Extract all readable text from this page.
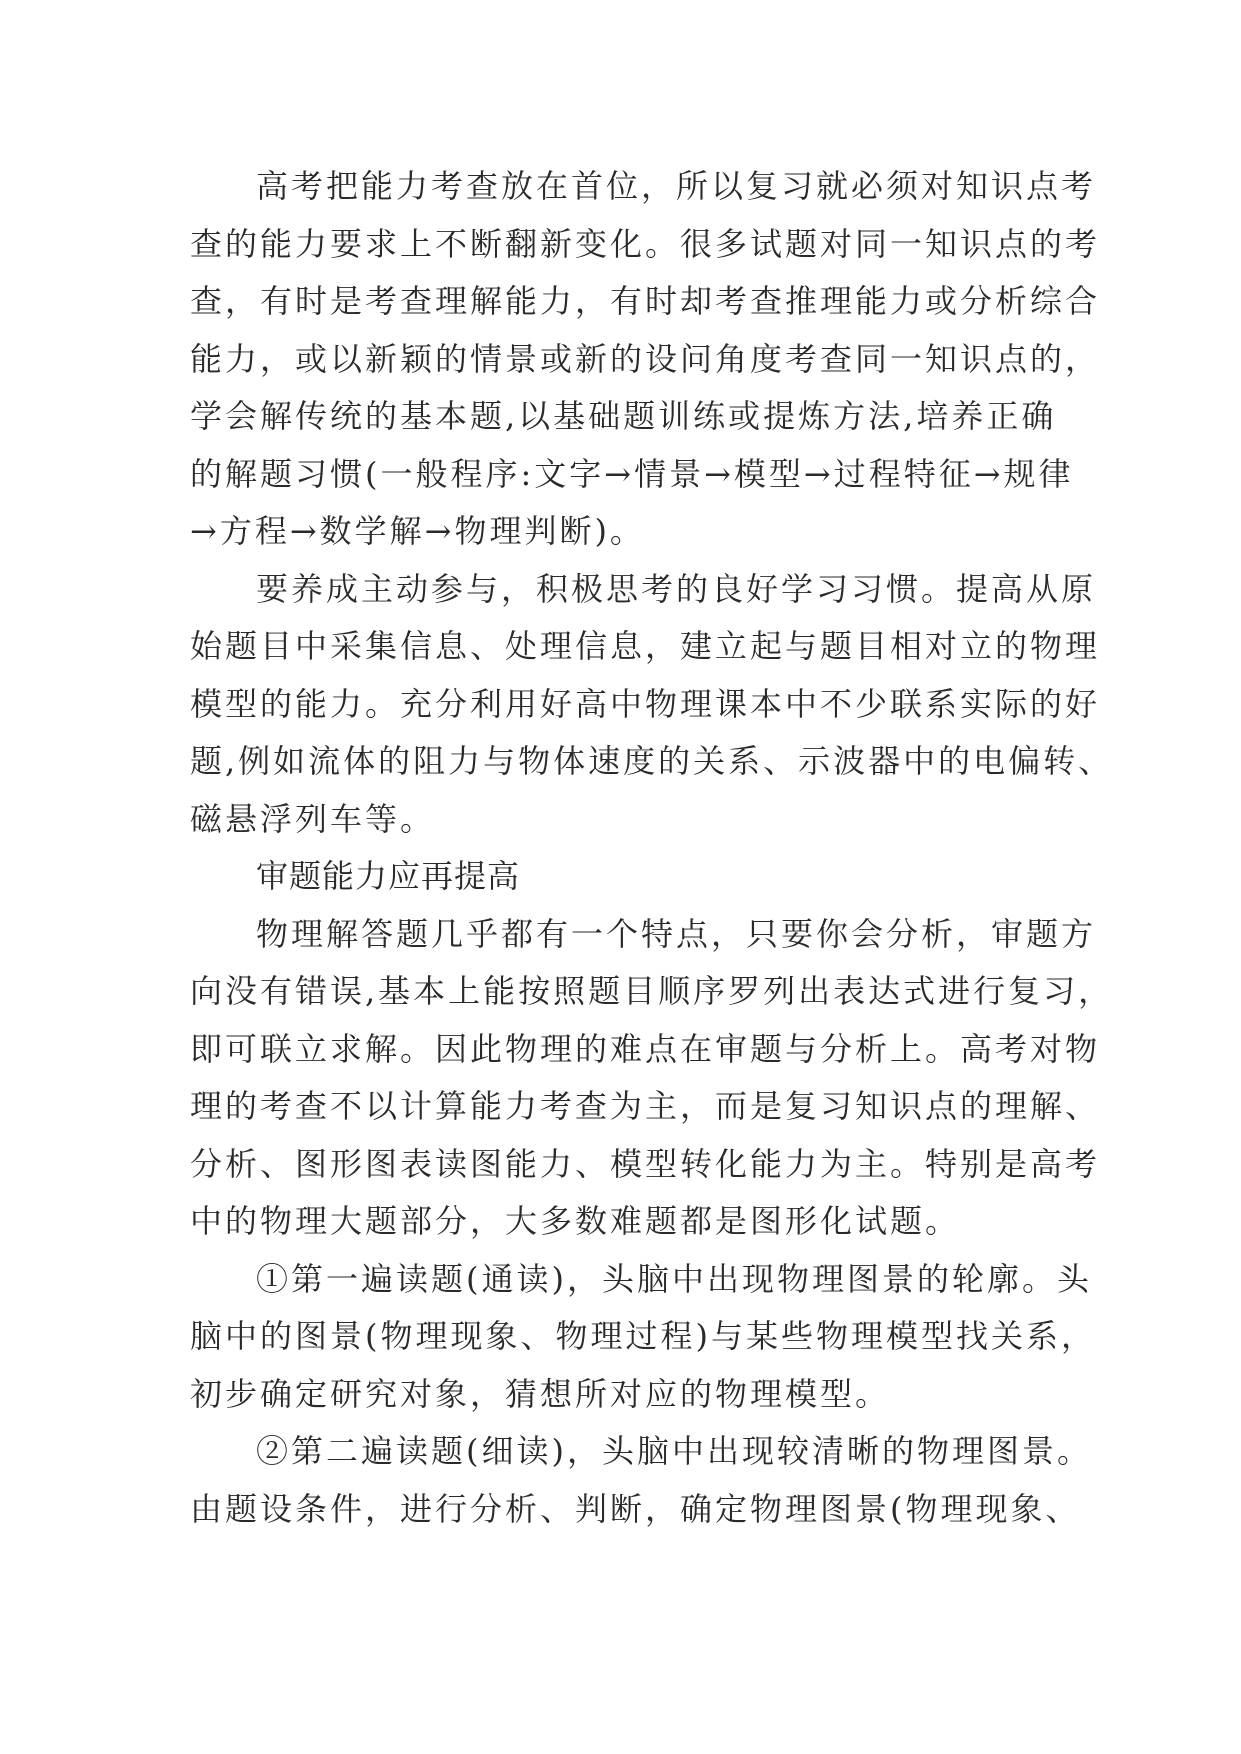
高考把能力考查放在首位，所以复习就必须对知识点考
查的能力要求上不断翻新变化。很多试题对同一知识点的考
查，有时是考查理解能力，有时却考查推理能力或分析综合
能力，或以新颖的情景或新的设问角度考查同一知识点的，
学会解传统的基本题,以基础题训练或提炼方法,培养正确
的解题习惯(一般程序:文字→情景→模型→过程特征→规律
→方程→数学解→物理判断)。
要养成主动参与，积极思考的良好学习习惯。提高从原
始题目中采集信息、处理信息，建立起与题目相对立的物理
模型的能力。充分利用好高中物理课本中不少联系实际的好
题,例如流体的阻力与物体速度的关系、示波器中的电偏转、
磁悬浮列车等。
审题能力应再提高
物理解答题几乎都有一个特点，只要你会分析，审题方
向没有错误,基本上能按照题目顺序罗列出表达式进行复习，
即可联立求解。因此物理的难点在审题与分析上。高考对物
理的考查不以计算能力考查为主，而是复习知识点的理解、
分析、图形图表读图能力、模型转化能力为主。特别是高考
中的物理大题部分，大多数难题都是图形化试题。
①第一遍读题(通读)，头脑中出现物理图景的轮廓。头
脑中的图景(物理现象、物理过程)与某些物理模型找关系，
初步确定研究对象，猜想所对应的物理模型。
②第二遍读题(细读)，头脑中出现较清晰的物理图景。
由题设条件，进行分析、判断，确定物理图景(物理现象、
